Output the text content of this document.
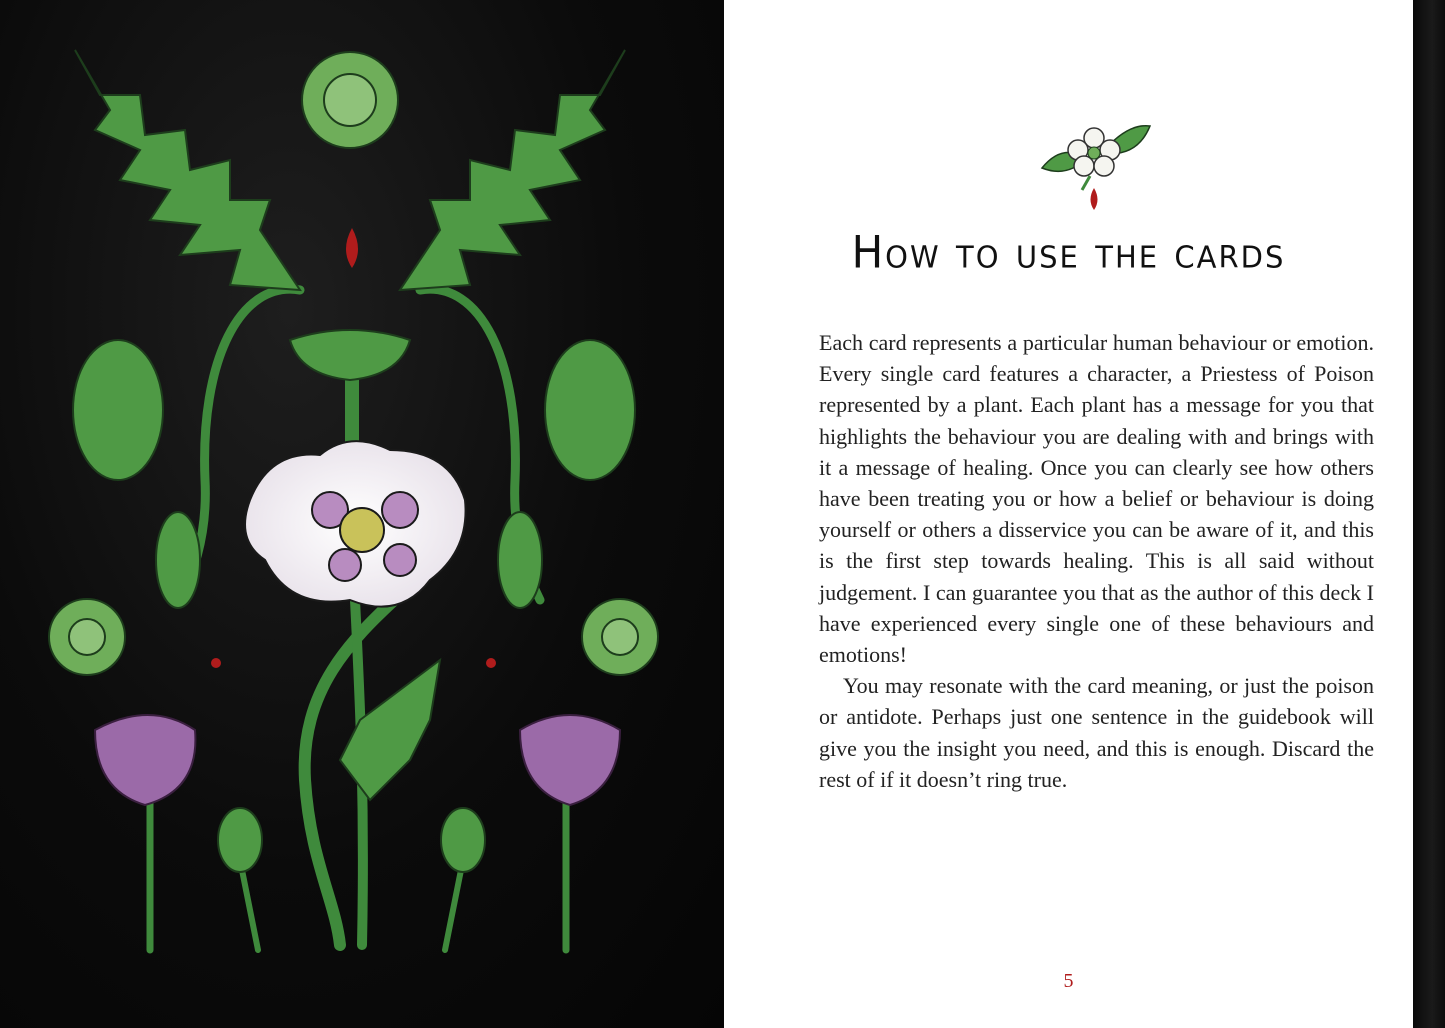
How to use the cards

Each card represents a particular human behaviour or emotion. Every single card features a character, a Priestess of Poison represented by a plant. Each plant has a message for you that highlights the behaviour you are dealing with and brings with it a message of healing. Once you can clearly see how others have been treating you or how a belief or behaviour is doing yourself or others a disservice you can be aware of it, and this is the first step towards healing. This is all said without judgement. I can guarantee you that as the author of this deck I have experienced every single one of these behaviours and emotions!

You may resonate with the card meaning, or just the poison or antidote. Perhaps just one sentence in the guidebook will give you the insight you need, and this is enough. Discard the rest of if it doesn’t ring true.

5
